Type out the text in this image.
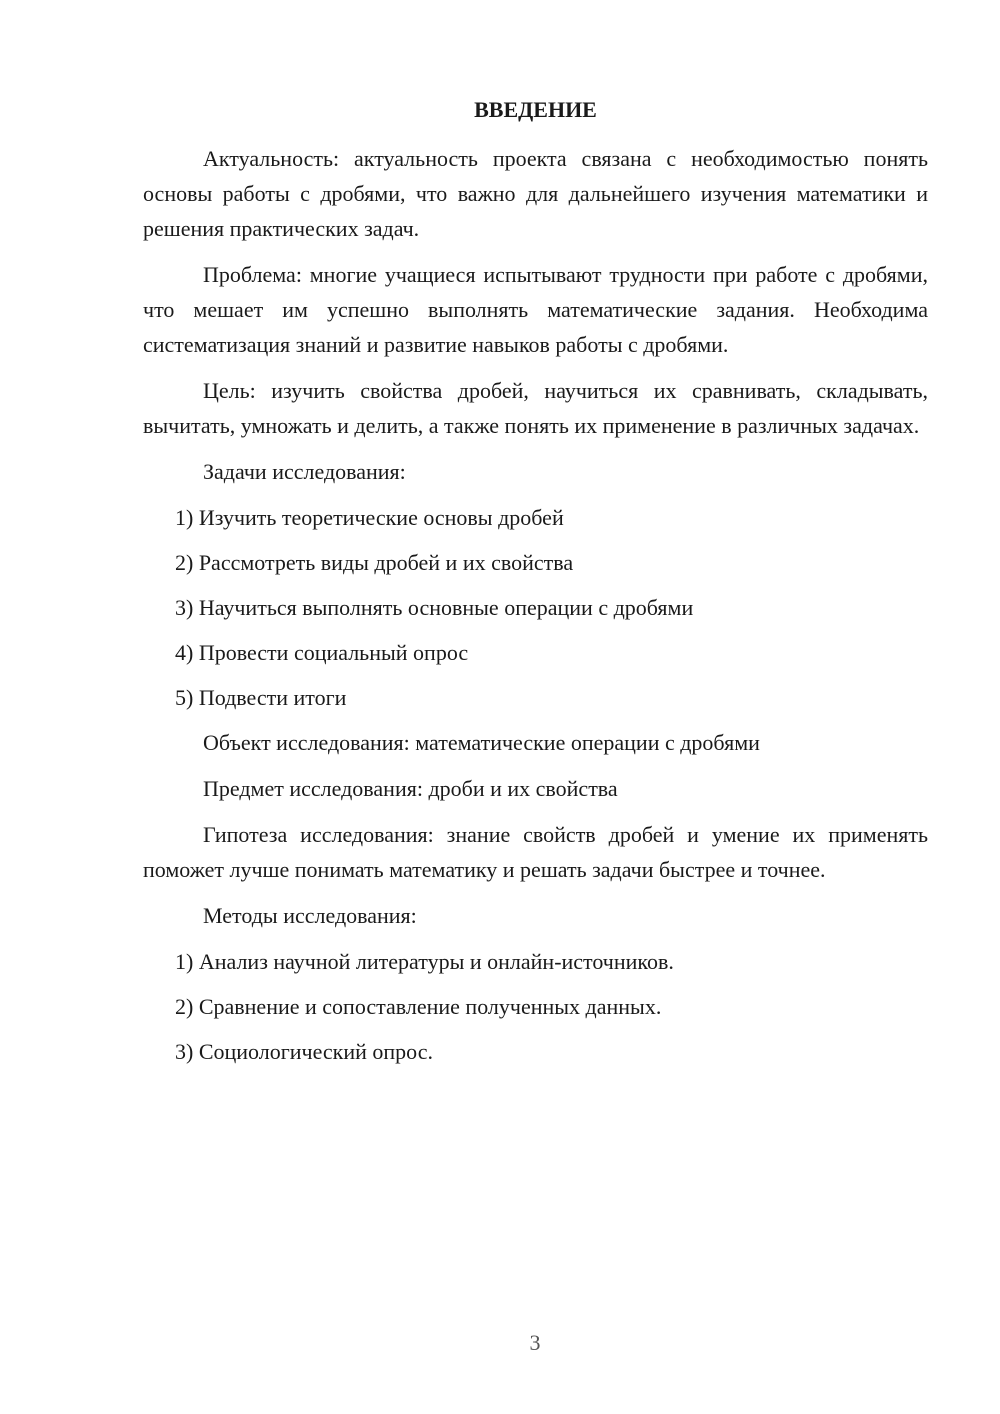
ВВЕДЕНИЕ

Актуальность: актуальность проекта связана с необходимостью понять основы работы с дробями, что важно для дальнейшего изучения математики и решения практических задач.

Проблема: многие учащиеся испытывают трудности при работе с дробями, что мешает им успешно выполнять математические задания. Необходима систематизация знаний и развитие навыков работы с дробями.

Цель: изучить свойства дробей, научиться их сравнивать, складывать, вычитать, умножать и делить, а также понять их применение в различных задачах.

Задачи исследования:
1) Изучить теоретические основы дробей
2) Рассмотреть виды дробей и их свойства
3) Научиться выполнять основные операции с дробями
4) Провести социальный опрос
5) Подвести итоги
Объект исследования: математические операции с дробями
Предмет исследования: дроби и их свойства

Гипотеза исследования: знание свойств дробей и умение их применять поможет лучше понимать математику и решать задачи быстрее и точнее.

Методы исследования:
1) Анализ научной литературы и онлайн-источников.
2) Сравнение и сопоставление полученных данных.
3) Социологический опрос.
3
